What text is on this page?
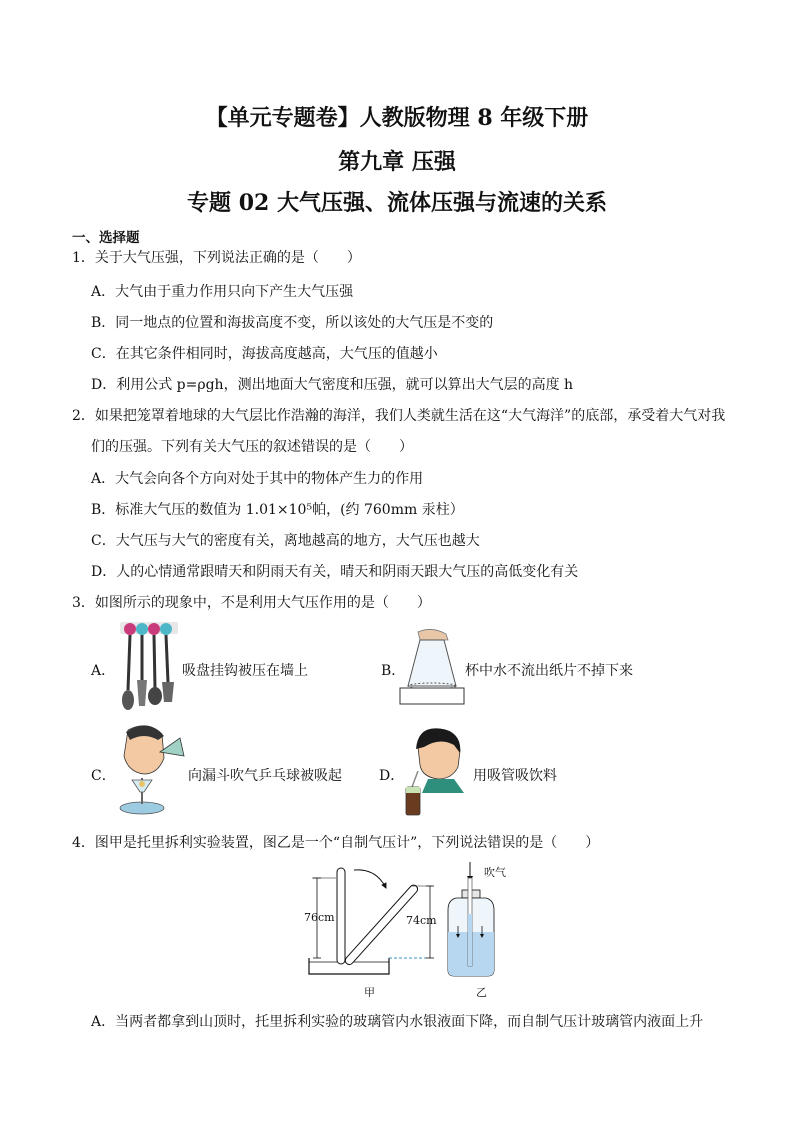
【单元专题卷】人教版物理 8 年级下册
第九章 压强
专题 02 大气压强、流体压强与流速的关系
一、选择题
1．关于大气压强，下列说法正确的是（　　）
A．大气由于重力作用只向下产生大气压强
B．同一地点的位置和海拔高度不变，所以该处的大气压是不变的
C．在其它条件相同时，海拔高度越高，大气压的值越小
D．利用公式 p=ρgh，测出地面大气密度和压强，就可以算出大气层的高度 h
2．如果把笼罩着地球的大气层比作浩瀚的海洋，我们人类就生活在这“大气海洋”的底部，承受着大气对我
们的压强。下列有关大气压的叙述错误的是（　　）
A．大气会向各个方向对处于其中的物体产生力的作用
B．标准大气压的数值为 1.01×10⁵帕，(约 760mm 汞柱）
C．大气压与大气的密度有关，离地越高的地方，大气压也越大
D．人的心情通常跟晴天和阴雨天有关，晴天和阴雨天跟大气压的高低变化有关
3．如图所示的现象中，不是利用大气压作用的是（　　）
A．	吸盘挂钩被压在墙上	B．	杯中水不流出纸片不掉下来
C．	向漏斗吹气乒乓球被吸起	D．	用吸管吸饮料
4．图甲是托里拆利实验装置，图乙是一个“自制气压计”，下列说法错误的是（　　）
76cm	74cm
甲
吹气
乙
A．当两者都拿到山顶时，托里拆利实验的玻璃管内水银液面下降，而自制气压计玻璃管内液面上升
